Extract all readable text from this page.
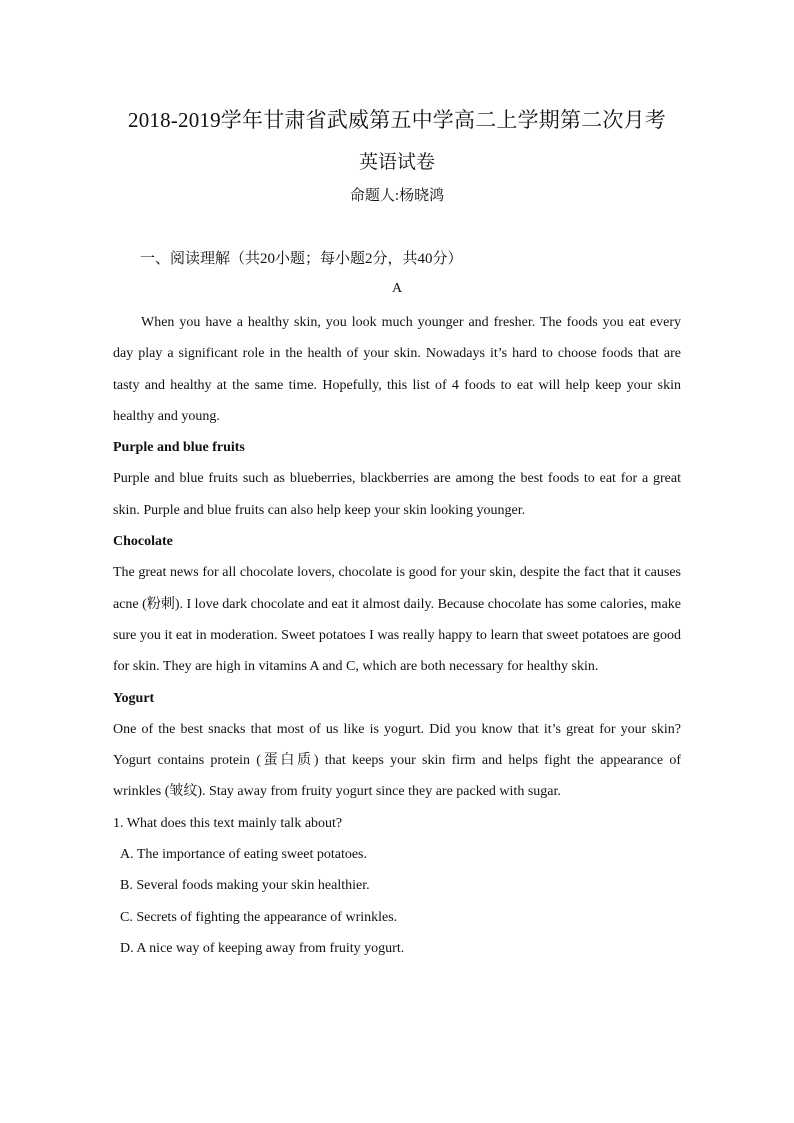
2018-2019学年甘肃省武威第五中学高二上学期第二次月考
英语试卷
命题人:杨晓鸿
一、阅读理解（共20小题；每小题2分，共40分）
A

When you have a healthy skin, you look much younger and fresher. The foods you eat every day play a significant role in the health of your skin. Nowadays it’s hard to choose foods that are tasty and healthy at the same time. Hopefully, this list of 4 foods to eat will help keep your skin healthy and young.

Purple and blue fruits

Purple and blue fruits such as blueberries, blackberries are among the best foods to eat for a great skin. Purple and blue fruits can also help keep your skin looking younger.

Chocolate

The great news for all chocolate lovers, chocolate is good for your skin, despite the fact that it causes acne (粉刺). I love dark chocolate and eat it almost daily. Because chocolate has some calories, make sure you it eat in moderation. Sweet potatoes I was really happy to learn that sweet potatoes are good for skin. They are high in vitamins A and C, which are both necessary for healthy skin.

Yogurt

One of the best snacks that most of us like is yogurt. Did you know that it’s great for your skin? Yogurt contains protein (蛋白质) that keeps your skin firm and helps fight the appearance of wrinkles (皱纹). Stay away from fruity yogurt since they are packed with sugar.

1. What does this text mainly talk about?

A. The importance of eating sweet potatoes.

B. Several foods making your skin healthier.

C. Secrets of fighting the appearance of wrinkles.

D. A nice way of keeping away from fruity yogurt.
